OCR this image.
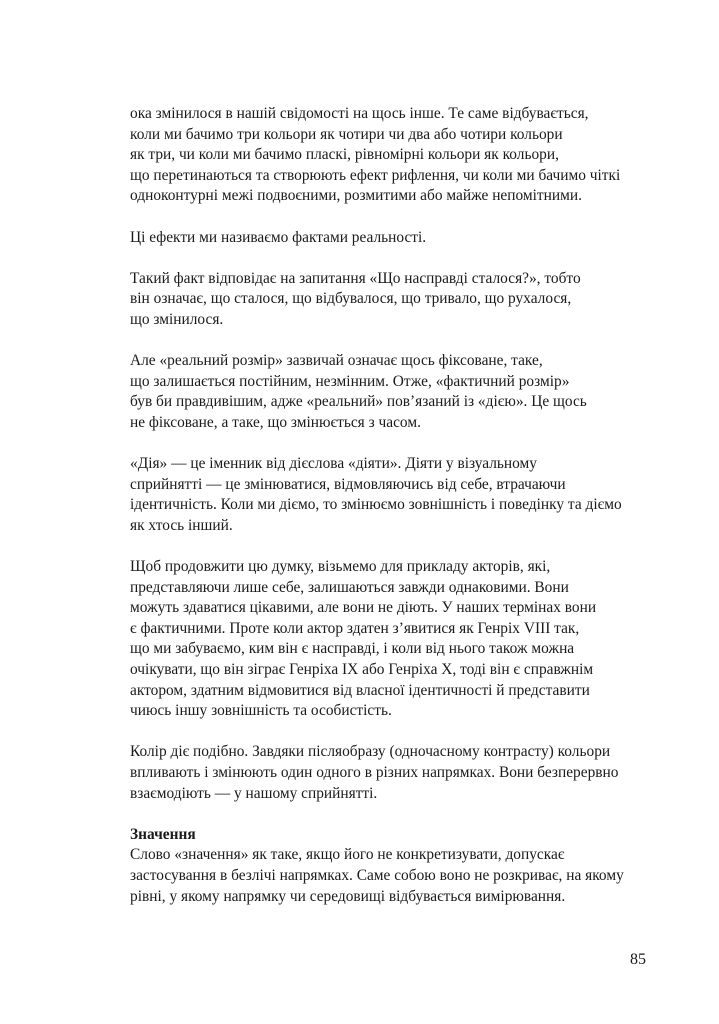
ока змінилося в нашій свідомості на щось інше. Те саме відбувається,
коли ми бачимо три кольори як чотири чи два або чотири кольори
як три, чи коли ми бачимо пласкі, рівномірні кольори як кольори,
що перетинаються та створюють ефект рифлення, чи коли ми бачимо чіткі
одноконтурні межі подвоєними, розмитими або майже непомітними.

Ці ефекти ми називаємо фактами реальності.

Такий факт відповідає на запитання «Що насправді сталося?», тобто
він означає, що сталося, що відбувалося, що тривало, що рухалося,
що змінилося.

Але «реальний розмір» зазвичай означає щось фіксоване, таке,
що залишається постійним, незмінним. Отже, «фактичний розмір»
був би правдивішим, адже «реальний» пов’язаний із «дією». Це щось
не фіксоване, а таке, що змінюється з часом.

«Дія» — це іменник від дієслова «діяти». Діяти у візуальному
сприйнятті — це змінюватися, відмовляючись від себе, втрачаючи
ідентичність. Коли ми діємо, то змінюємо зовнішність і поведінку та діємо
як хтось інший.

Щоб продовжити цю думку, візьмемо для прикладу акторів, які,
представляючи лише себе, залишаються завжди однаковими. Вони
можуть здаватися цікавими, але вони не діють. У наших термінах вони
є фактичними. Проте коли актор здатен з’явитися як Генріх VIII так,
що ми забуваємо, ким він є насправді, і коли від нього також можна
очікувати, що він зіграє Генріха IX або Генріха X, тоді він є справжнім
актором, здатним відмовитися від власної ідентичності й представити
чиюсь іншу зовнішність та особистість.

Колір діє подібно. Завдяки післяобразу (одночасному контрасту) кольори
впливають і змінюють один одного в різних напрямках. Вони безперервно
взаємодіють — у нашому сприйнятті.

Значення
Слово «значення» як таке, якщо його не конкретизувати, допускає
застосування в безлічі напрямках. Саме собою воно не розкриває, на якому
рівні, у якому напрямку чи середовищі відбувається вимірювання.
85
